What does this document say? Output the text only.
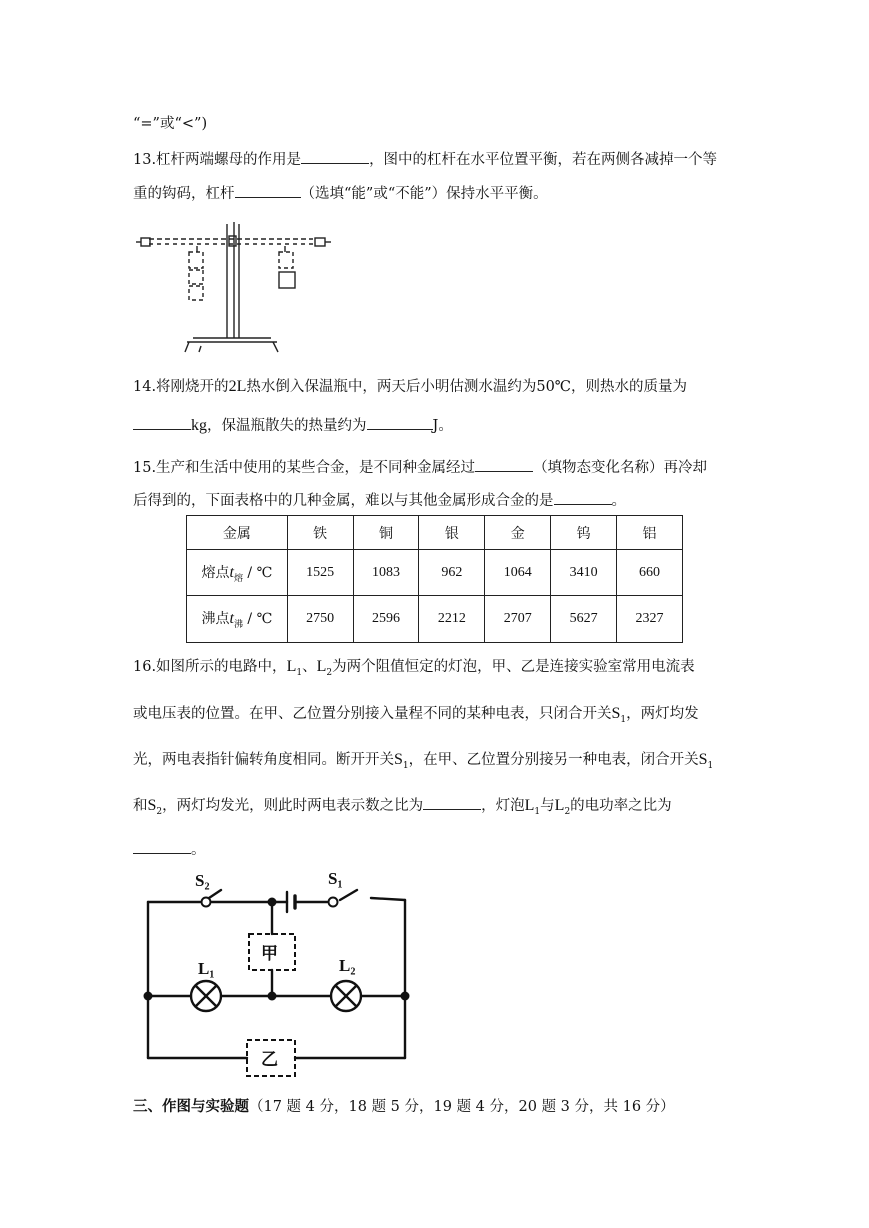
“=”或“<”)
13.杠杆两端螺母的作用是	，图中的杠杆在水平位置平衡，若在两侧各减掉一个等
重的钩码，杠杆	（选填“能”或“不能”）保持水平平衡。
14.将刚烧开的2L热水倒入保温瓶中，两天后小明估测水温约为50℃，则热水的质量为
kg，保温瓶散失的热量约为	J。
15.生产和生活中使用的某些合金，是不同种金属经过	（填物态变化名称）再冷却
后得到的，下面表格中的几种金属，难以与其他金属形成合金的是	。
金属	铁	铜	银	金	钨	铝
熔点$t_熔$ / ℃	1525	1083	962	1064	3410	660
沸点$t_沸$ / ℃	2750	2596	2212	2707	5627	2327
16.如图所示的电路中，$L_1$、$L_2$为两个阻值恒定的灯泡，甲、乙是连接实验室常用电流表
或电压表的位置。在甲、乙位置分别接入量程不同的某种电表，只闭合开关$S_1$，两灯均发
光，两电表指针偏转角度相同。断开开关$S_1$，在甲、乙位置分别接另一种电表，闭合开关$S_1$
和$S_2$，两灯均发光，则此时两电表示数之比为	，灯泡$L_1$与$L_2$的电功率之比为
。
S₂	S₁
L₁	L₂
甲
乙
三、作图与实验题（17 题 4 分，18 题 5 分，19 题 4 分，20 题 3 分，共 16 分）
